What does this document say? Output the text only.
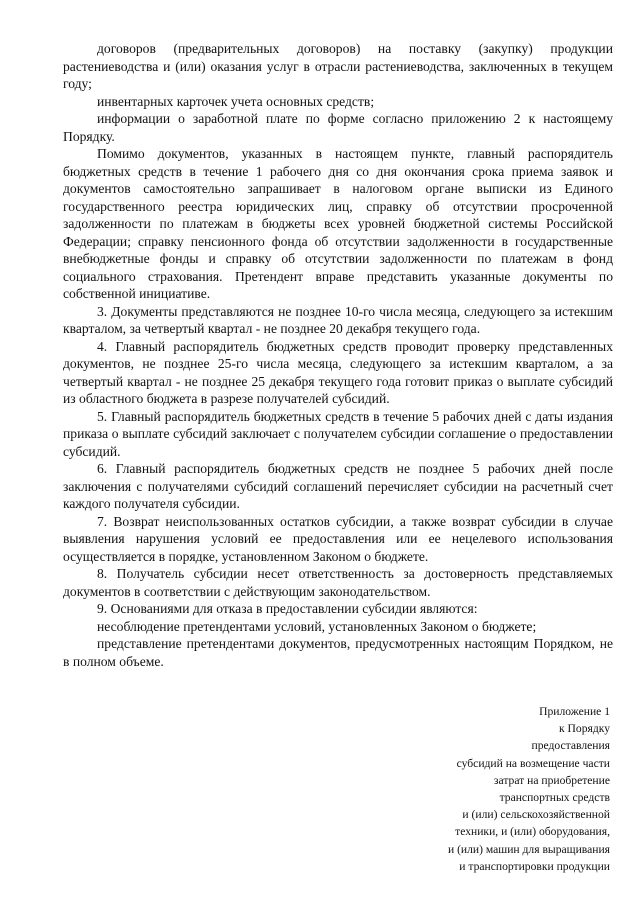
договоров (предварительных договоров) на поставку (закупку) продукции растениеводства и (или) оказания услуг в отрасли растениеводства, заключенных в текущем году;

инвентарных карточек учета основных средств;

информации о заработной плате по форме согласно приложению 2 к настоящему Порядку.

Помимо документов, указанных в настоящем пункте, главный распорядитель бюджетных средств в течение 1 рабочего дня со дня окончания срока приема заявок и документов самостоятельно запрашивает в налоговом органе выписки из Единого государственного реестра юридических лиц, справку об отсутствии просроченной задолженности по платежам в бюджеты всех уровней бюджетной системы Российской Федерации; справку пенсионного фонда об отсутствии задолженности в государственные внебюджетные фонды и справку об отсутствии задолженности по платежам в фонд социального страхования. Претендент вправе представить указанные документы по собственной инициативе.

3. Документы представляются не позднее 10-го числа месяца, следующего за истекшим кварталом, за четвертый квартал - не позднее 20 декабря текущего года.

4. Главный распорядитель бюджетных средств проводит проверку представленных документов, не позднее 25-го числа месяца, следующего за истекшим кварталом, а за четвертый квартал - не позднее 25 декабря текущего года готовит приказ о выплате субсидий из областного бюджета в разрезе получателей субсидий.

5. Главный распорядитель бюджетных средств в течение 5 рабочих дней с даты издания приказа о выплате субсидий заключает с получателем субсидии соглашение о предоставлении субсидий.

6. Главный распорядитель бюджетных средств не позднее 5 рабочих дней после заключения с получателями субсидий соглашений перечисляет субсидии на расчетный счет каждого получателя субсидии.

7. Возврат неиспользованных остатков субсидии, а также возврат субсидии в случае выявления нарушения условий ее предоставления или ее нецелевого использования осуществляется в порядке, установленном Законом о бюджете.

8. Получатель субсидии несет ответственность за достоверность представляемых документов в соответствии с действующим законодательством.

9. Основаниями для отказа в предоставлении субсидии являются:

несоблюдение претендентами условий, установленных Законом о бюджете;

представление претендентами документов, предусмотренных настоящим Порядком, не в полном объеме.

Приложение 1
к Порядку
предоставления
субсидий на возмещение части
затрат на приобретение
транспортных средств
и (или) сельскохозяйственной
техники, и (или) оборудования,
и (или) машин для выращивания
и транспортировки продукции
